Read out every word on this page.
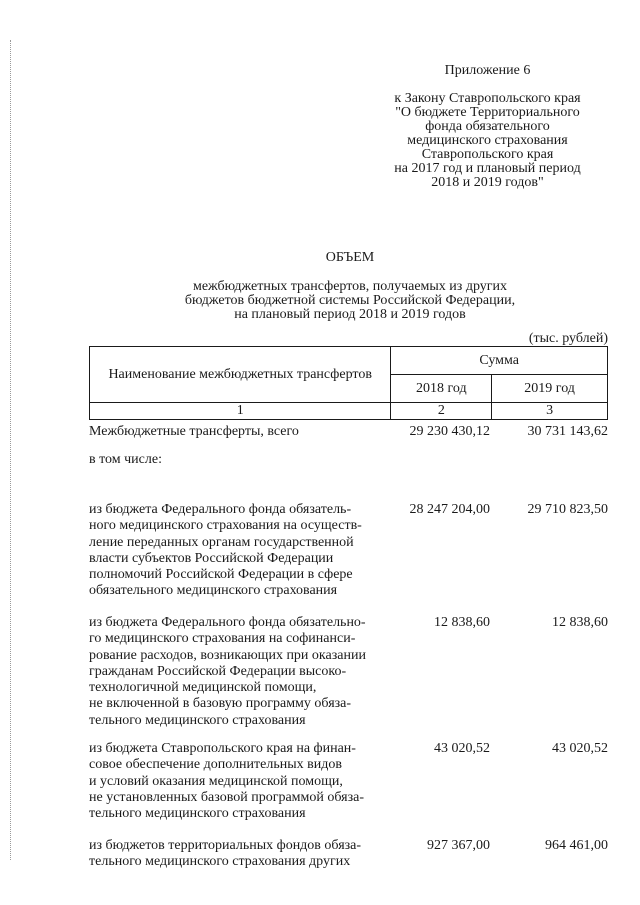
Приложение 6
к Закону Ставропольского края
"О бюджете Территориального
фонда обязательного
медицинского страхования
Ставропольского края
на 2017 год и плановый период
2018 и 2019 годов"
ОБЪЕМ
межбюджетных трансфертов, получаемых из других
бюджетов бюджетной системы Российской Федерации,
на плановый период 2018 и 2019 годов
(тыс. рублей)
Наименование межбюджетных трансфертов	Сумма	
	2018 год	2019 год
1	2	3
Межбюджетные трансферты, всего	29 230 430,12	30 731 143,62
в том числе:
из бюджета Федерального фонда обязатель-
ного медицинского страхования на осуществ-
ление переданных органам государственной
власти субъектов Российской Федерации
полномочий Российской Федерации в сфере
обязательного медицинского страхования
28 247 204,00	29 710 823,50
из бюджета Федерального фонда обязательно-
го медицинского страхования на софинанси-
рование расходов, возникающих при оказании
гражданам Российской Федерации высоко-
технологичной медицинской помощи,
не включенной в базовую программу обяза-
тельного медицинского страхования
12 838,60	12 838,60
из бюджета Ставропольского края на финан-
совое обеспечение дополнительных видов
и условий оказания медицинской помощи,
не установленных базовой программой обяза-
тельного медицинского страхования
43 020,52	43 020,52
из бюджетов территориальных фондов обяза-
тельного медицинского страхования других
927 367,00	964 461,00
